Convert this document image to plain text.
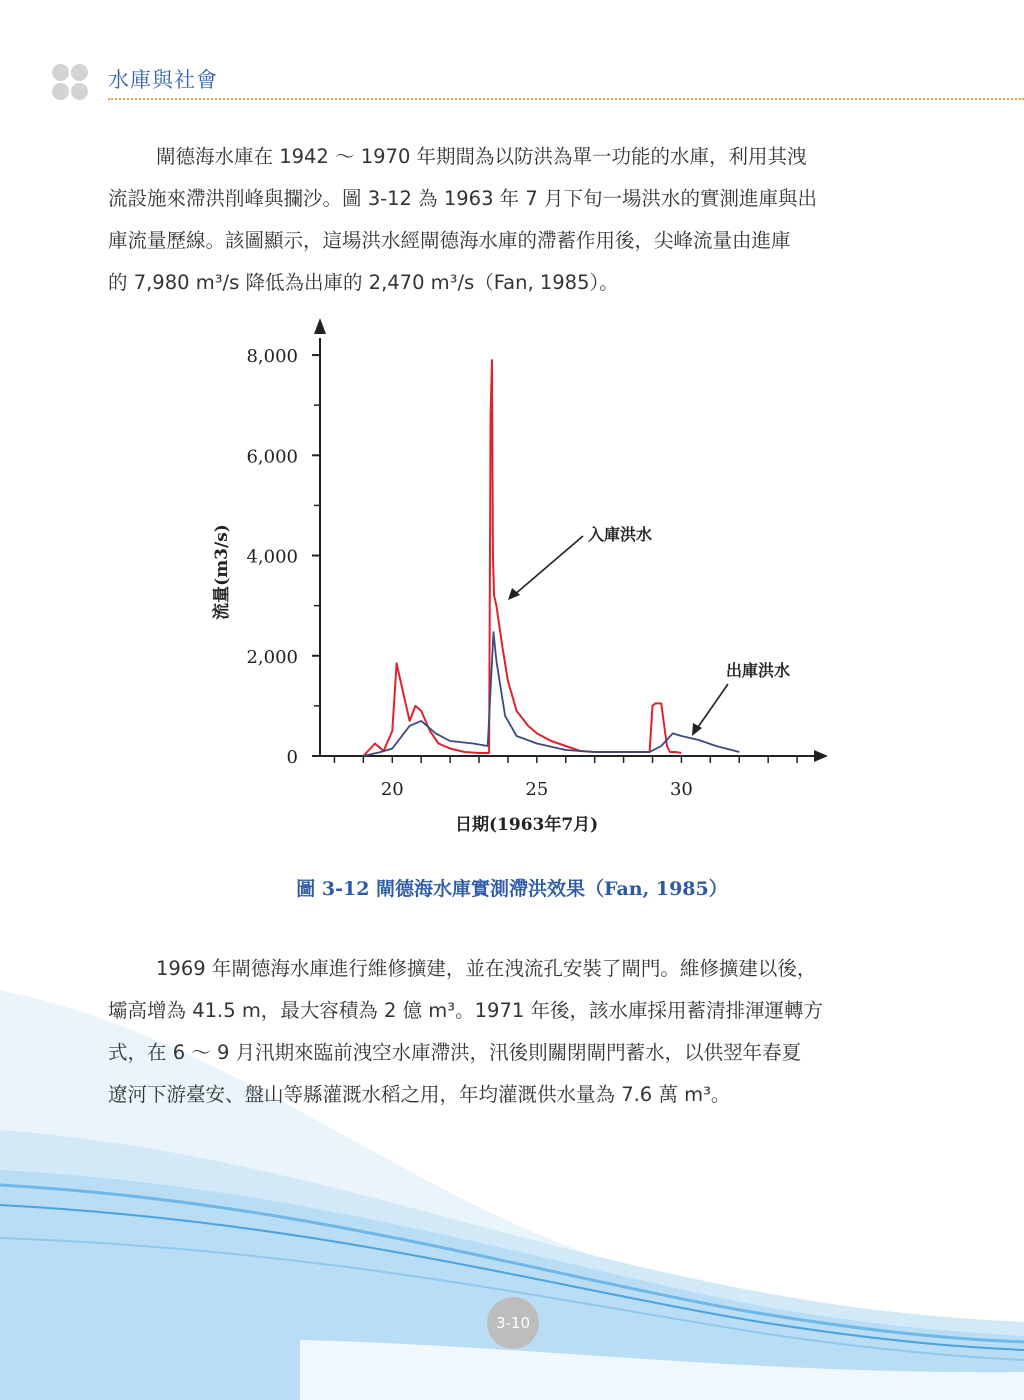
水庫與社會
閘德海水庫在 1942 ～ 1970 年期間為以防洪為單一功能的水庫，利用其洩
流設施來滯洪削峰與攔沙。圖 3-12 為 1963 年 7 月下旬一場洪水的實測進庫與出
庫流量歷線。該圖顯示，這場洪水經閘德海水庫的滯蓄作用後，尖峰流量由進庫
的 7,980 m³/s 降低為出庫的 2,470 m³/s（Fan, 1985）。
0
2,000
4,000
6,000
8,000
20	25	30
日期(1963年7月)
流量(m3/s)	入庫洪水
出庫洪水
圖 3-12 閘德海水庫實測滯洪效果（Fan, 1985）
1969 年閘德海水庫進行維修擴建，並在洩流孔安裝了閘門。維修擴建以後，
壩高增為 41.5 m，最大容積為 2 億 m³。1971 年後，該水庫採用蓄清排渾運轉方
式，在 6 ～ 9 月汛期來臨前洩空水庫滯洪，汛後則關閉閘門蓄水，以供翌年春夏
遼河下游臺安、盤山等縣灌溉水稻之用，年均灌溉供水量為 7.6 萬 m³。
3-10
